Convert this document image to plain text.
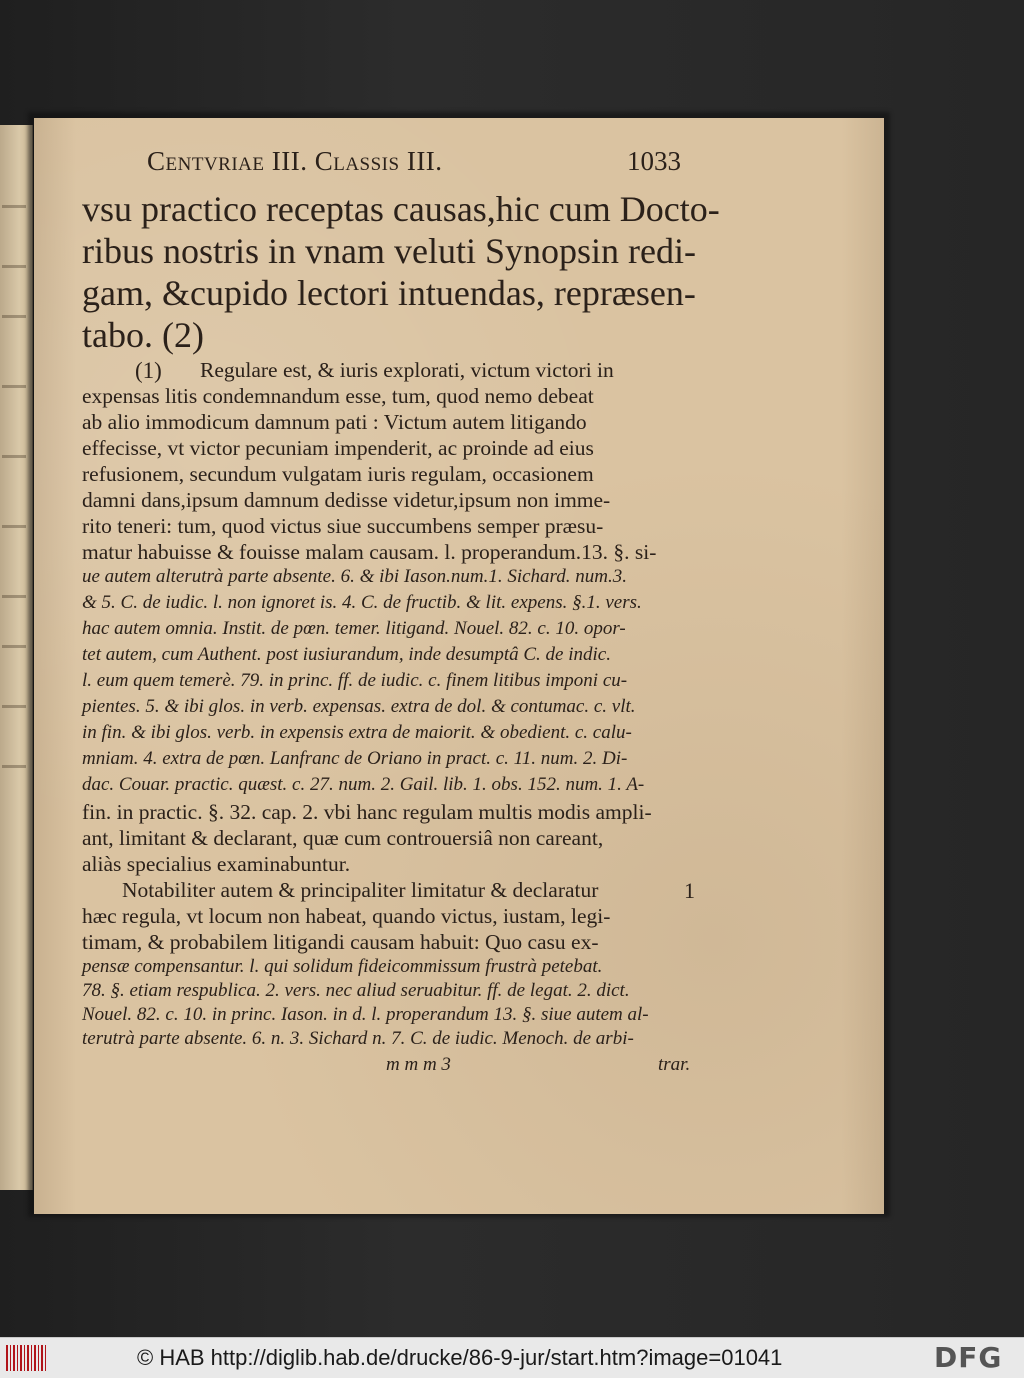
Centvriae III. Classis III.	1033
vsu practico receptas causas,hic cum Docto-
ribus nostris in vnam veluti Synopsin redi-
gam, &cupido lectori intuendas, repræsen-
tabo. (2)
(1) Regulare est, & iuris explorati, victum victori in
expensas litis condemnandum esse, tum, quod nemo debeat
ab alio immodicum damnum pati : Victum autem litigando
effecisse, vt victor pecuniam impenderit, ac proinde ad eius
refusionem, secundum vulgatam iuris regulam, occasionem
damni dans,ipsum damnum dedisse videtur,ipsum non imme-
rito teneri: tum, quod victus siue succumbens semper præsu-
matur habuisse & fouisse malam causam. l. properandum.13. §. si-
ue autem alterutrà parte absente. 6. & ibi Iason.num.1. Sichard. num.3.
& 5. C. de iudic. l. non ignoret is. 4. C. de fructib. & lit. expens. §.1. vers.
hac autem omnia. Instit. de pœn. temer. litigand. Nouel. 82. c. 10. opor-
tet autem, cum Authent. post iusiurandum, inde desumptâ C. de indic.
l. eum quem temerè. 79. in princ. ff. de iudic. c. finem litibus imponi cu-
pientes. 5. & ibi glos. in verb. expensas. extra de dol. & contumac. c. vlt.
in fin. & ibi glos. verb. in expensis extra de maiorit. & obedient. c. calu-
mniam. 4. extra de pœn. Lanfranc de Oriano in pract. c. 11. num. 2. Di-
dac. Couar. practic. quæst. c. 27. num. 2. Gail. lib. 1. obs. 152. num. 1. A-
fin. in practic. §. 32. cap. 2. vbi hanc regulam multis modis ampli-
ant, limitant & declarant, quæ cum controuersiâ non careant,
aliàs specialius examinabuntur.
Notabiliter autem & principaliter limitatur & declaratur	1
hæc regula, vt locum non habeat, quando victus, iustam, legi-
timam, & probabilem litigandi causam habuit: Quo casu ex-
pensæ compensantur. l. qui solidum fideicommissum frustrà petebat.
78. §. etiam respublica. 2. vers. nec aliud seruabitur. ff. de legat. 2. dict.
Nouel. 82. c. 10. in princ. Iason. in d. l. properandum 13. §. siue autem al-
terutrà parte absente. 6. n. 3. Sichard n. 7. C. de iudic. Menoch. de arbi-
m m m 3	trar.
© HAB http://diglib.hab.de/drucke/86-9-jur/start.htm?image=01041	DFG
